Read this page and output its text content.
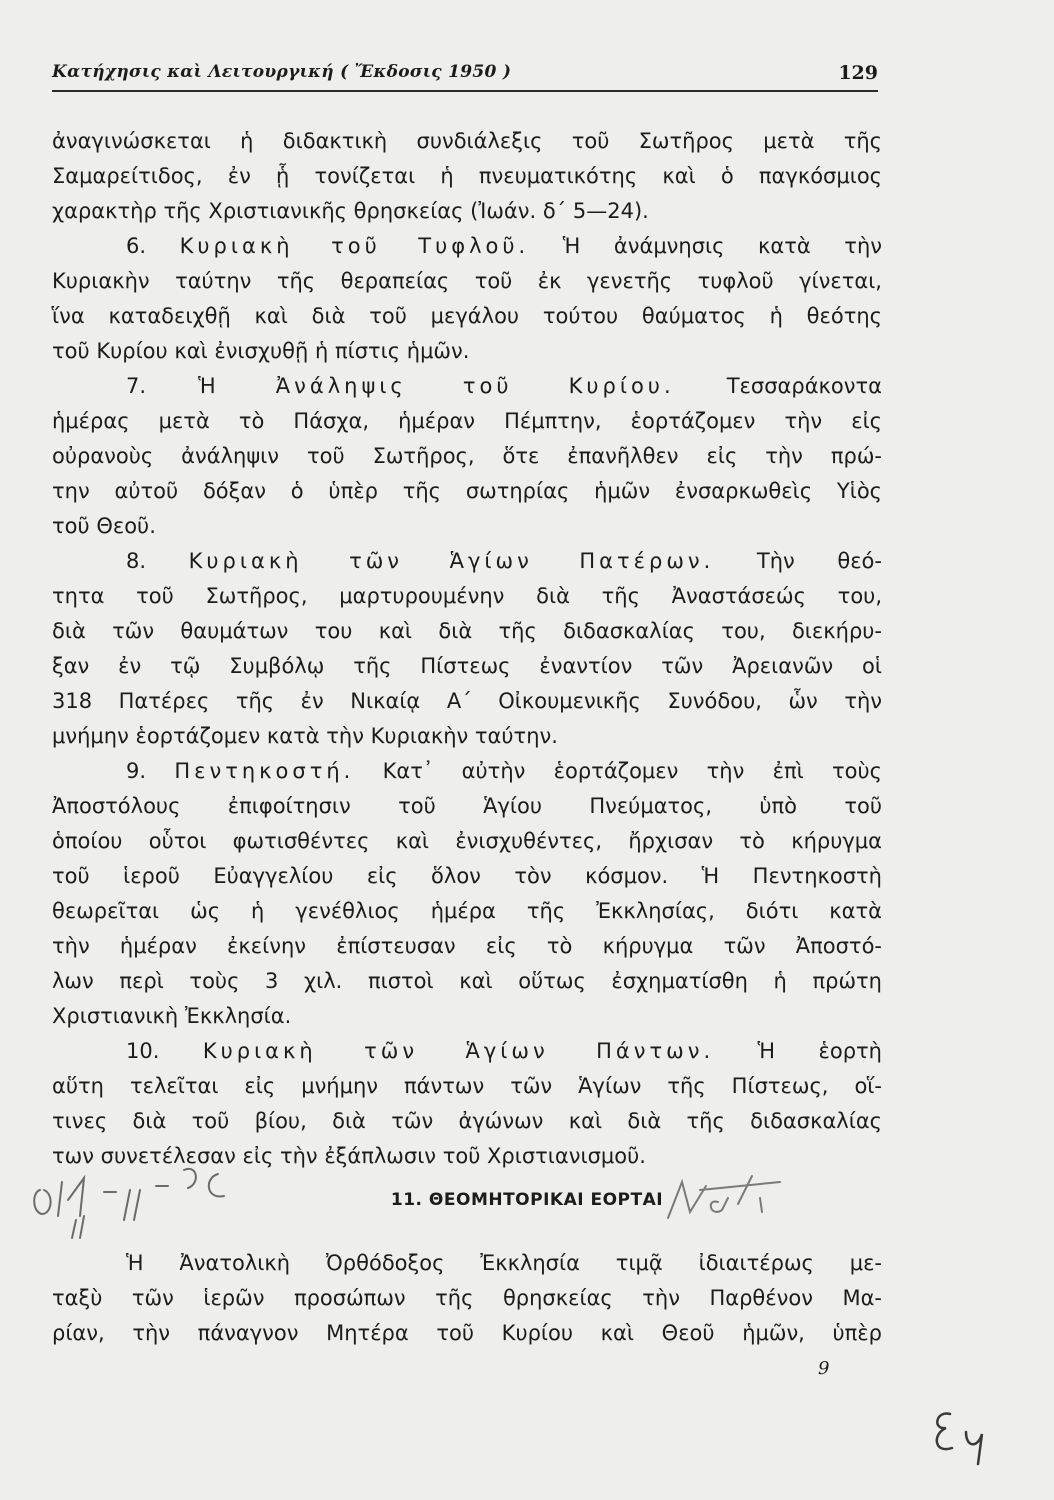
Κατήχησις καὶ Λειτουργική ( Ἔκδοσις 1950 )	129
ἀναγινώσκεται ἡ διδακτικὴ συνδιάλεξις τοῦ Σωτῆρος μετὰ τῆς
Σαμαρείτιδος, ἐν ᾗ τονίζεται ἡ πνευματικότης καὶ ὁ παγκόσμιος
χαρακτὴρ τῆς Χριστιανικῆς θρησκείας (Ἰωάν. δ΄ 5—24).
6. Κυριακὴ τοῦ Τυφλοῦ. Ἡ ἀνάμνησις κατὰ τὴν
Κυριακὴν ταύτην τῆς θεραπείας τοῦ ἐκ γενετῆς τυφλοῦ γίνεται,
ἵνα καταδειχθῇ καὶ διὰ τοῦ μεγάλου τούτου θαύματος ἡ θεότης
τοῦ Κυρίου καὶ ἐνισχυθῇ ἡ πίστις ἡμῶν.
7. Ἡ Ἀνάληψις τοῦ Κυρίου. Τεσσαράκοντα
ἡμέρας μετὰ τὸ Πάσχα, ἡμέραν Πέμπτην, ἑορτάζομεν τὴν εἰς
οὐρανοὺς ἀνάληψιν τοῦ Σωτῆρος, ὅτε ἐπανῆλθεν εἰς τὴν πρώ-
την αὐτοῦ δόξαν ὁ ὑπὲρ τῆς σωτηρίας ἡμῶν ἐνσαρκωθεὶς Υἱὸς
τοῦ Θεοῦ.
8. Κυριακὴ τῶν Ἁγίων Πατέρων. Τὴν θεό-
τητα τοῦ Σωτῆρος, μαρτυρουμένην διὰ τῆς Ἀναστάσεώς του,
διὰ τῶν θαυμάτων του καὶ διὰ τῆς διδασκαλίας του, διεκήρυ-
ξαν ἐν τῷ Συμβόλῳ τῆς Πίστεως ἐναντίον τῶν Ἀρειανῶν οἱ
318 Πατέρες τῆς ἐν Νικαίᾳ Α΄ Οἰκουμενικῆς Συνόδου, ὧν τὴν
μνήμην ἑορτάζομεν κατὰ τὴν Κυριακὴν ταύτην.
9. Πεντηκοστή. Κατ᾿ αὐτὴν ἑορτάζομεν τὴν ἐπὶ τοὺς
Ἀποστόλους ἐπιφοίτησιν τοῦ Ἁγίου Πνεύματος, ὑπὸ τοῦ
ὁποίου οὗτοι φωτισθέντες καὶ ἐνισχυθέντες, ἤρχισαν τὸ κήρυγμα
τοῦ ἱεροῦ Εὐαγγελίου εἰς ὅλον τὸν κόσμον. Ἡ Πεντηκοστὴ
θεωρεῖται ὡς ἡ γενέθλιος ἡμέρα τῆς Ἐκκλησίας, διότι κατὰ
τὴν ἡμέραν ἐκείνην ἐπίστευσαν εἰς τὸ κήρυγμα τῶν Ἀποστό-
λων περὶ τοὺς 3 χιλ. πιστοὶ καὶ οὕτως ἐσχηματίσθη ἡ πρώτη
Χριστιανικὴ Ἐκκλησία.
10. Κυριακὴ τῶν Ἁγίων Πάντων. Ἡ ἑορτὴ
αὕτη τελεῖται εἰς μνήμην πάντων τῶν Ἁγίων τῆς Πίστεως, οἵ-
τινες διὰ τοῦ βίου, διὰ τῶν ἀγώνων καὶ διὰ τῆς διδασκαλίας
των συνετέλεσαν εἰς τὴν ἐξάπλωσιν τοῦ Χριστιανισμοῦ.
11. ΘΕΟΜΗΤΟΡΙΚΑΙ ΕΟΡΤΑΙ
Ἡ Ἀνατολικὴ Ὀρθόδοξος Ἐκκλησία τιμᾷ ἰδιαιτέρως με-
ταξὺ τῶν ἱερῶν προσώπων τῆς θρησκείας τὴν Παρθένον Μα-
ρίαν, τὴν πάναγνον Μητέρα τοῦ Κυρίου καὶ Θεοῦ ἡμῶν, ὑπὲρ
9
